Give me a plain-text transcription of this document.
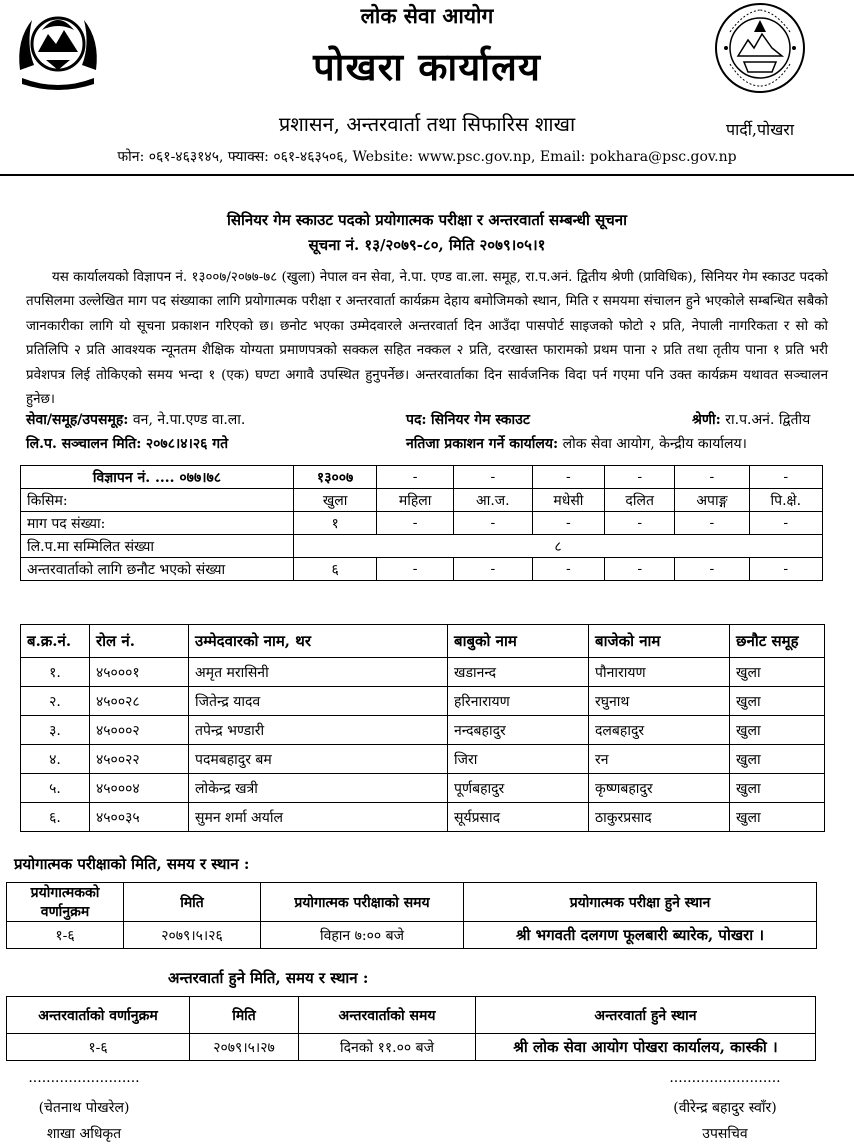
लोक सेवा आयोग
पोखरा कार्यालय
प्रशासन, अन्तरवार्ता तथा सिफारिस शाखा	पार्दी,पोखरा
फोन: ०६१-४६३१४५, फ्याक्स: ०६१-४६३५०६, Website: www.psc.gov.np, Email: pokhara@psc.gov.np
सिनियर गेम स्काउट पदको प्रयोगात्मक परीक्षा र अन्तरवार्ता सम्बन्धी सूचना
सूचना नं. १३/२०७९-८०, मिति २०७९।०५।१
यस कार्यालयको विज्ञापन नं. १३००७/२०७७-७८ (खुला) नेपाल वन सेवा, ने.पा. एण्ड वा.ला. समूह, रा.प.अनं. द्वितीय श्रेणी (प्राविधिक), सिनियर गेम स्काउट पदको तपसिलमा उल्लेखित माग पद संख्याका लागि प्रयोगात्मक परीक्षा र अन्तरवार्ता कार्यक्रम देहाय बमोजिमको स्थान, मिति र समयमा संचालन हुने भएकोले सम्बन्धित सबैको जानकारीका लागि यो सूचना प्रकाशन गरिएको छ। छनोट भएका उम्मेदवारले अन्तरवार्ता दिन आउँदा पासपोर्ट साइजको फोटो २ प्रति, नेपाली नागरिकता र सो को प्रतिलिपि २ प्रति आवश्यक न्यूनतम शैक्षिक योग्यता प्रमाणपत्रको सक्कल सहित नक्कल २ प्रति, दरखास्त फारामको प्रथम पाना २ प्रति तथा तृतीय पाना १ प्रति भरी प्रवेशपत्र लिई तोकिएको समय भन्दा १ (एक) घण्टा अगावै उपस्थित हुनुपर्नेछ। अन्तरवार्ताका दिन सार्वजनिक विदा पर्न गएमा पनि उक्त कार्यक्रम यथावत सञ्चालन हुनेछ।
सेवा/समूह/उपसमूह: वन, ने.पा.एण्ड वा.ला.	पद: सिनियर गेम स्काउट	श्रेणी: रा.प.अनं. द्वितीय
लि.प. सञ्चालन मिति: २०७८।४।२६ गते	नतिजा प्रकाशन गर्ने कार्यालय: लोक सेवा आयोग, केन्द्रीय कार्यालय।
विज्ञापन नं. .... ०७७।७८	१३००७	-	-	-	-	-	-
किसिम:	खुला	महिला	आ.ज.	मधेसी	दलित	अपाङ्ग	पि.क्षे.
माग पद संख्या:	१	-	-	-	-	-	-
लि.प.मा सम्मिलित संख्या	८						
अन्तरवार्ताको लागि छनौट भएको संख्या	६	-	-	-	-	-	-
ब.क्र.नं.	रोल नं.	उम्मेदवारको नाम, थर	बाबुको नाम	बाजेको नाम	छनौट समूह
१.	४५०००१	अमृत मरासिनी	खडानन्द	पौनारायण	खुला
२.	४५००२८	जितेन्द्र यादव	हरिनारायण	रघुनाथ	खुला
३.	४५०००२	तपेन्द्र भण्डारी	नन्दबहादुर	दलबहादुर	खुला
४.	४५००२२	पदमबहादुर बम	जिरा	रन	खुला
५.	४५०००४	लोकेन्द्र खत्री	पूर्णबहादुर	कृष्णबहादुर	खुला
६.	४५००३५	सुमन शर्मा अर्याल	सूर्यप्रसाद	ठाकुरप्रसाद	खुला
प्रयोगात्मक परीक्षाको मिति, समय र स्थान :
प्रयोगात्मकको वर्णानुक्रम	मिति	प्रयोगात्मक परीक्षाको समय	प्रयोगात्मक परीक्षा हुने स्थान
१-६	२०७९।५।२६	विहान ७:०० बजे	श्री भगवती दलगण फूलबारी ब्यारेक, पोखरा ।
अन्तरवार्ता हुने मिति, समय र स्थान :
अन्तरवार्ताको वर्णानुक्रम	मिति	अन्तरवार्ताको समय	अन्तरवार्ता हुने स्थान
१-६	२०७९।५।२७	दिनको ११.०० बजे	श्री लोक सेवा आयोग पोखरा कार्यालय, कास्की ।
.........................
(चेतनाथ पोखरेल)
शाखा अधिकृत
.........................
(वीरेन्द्र बहादुर स्वाँर)
उपसचिव
